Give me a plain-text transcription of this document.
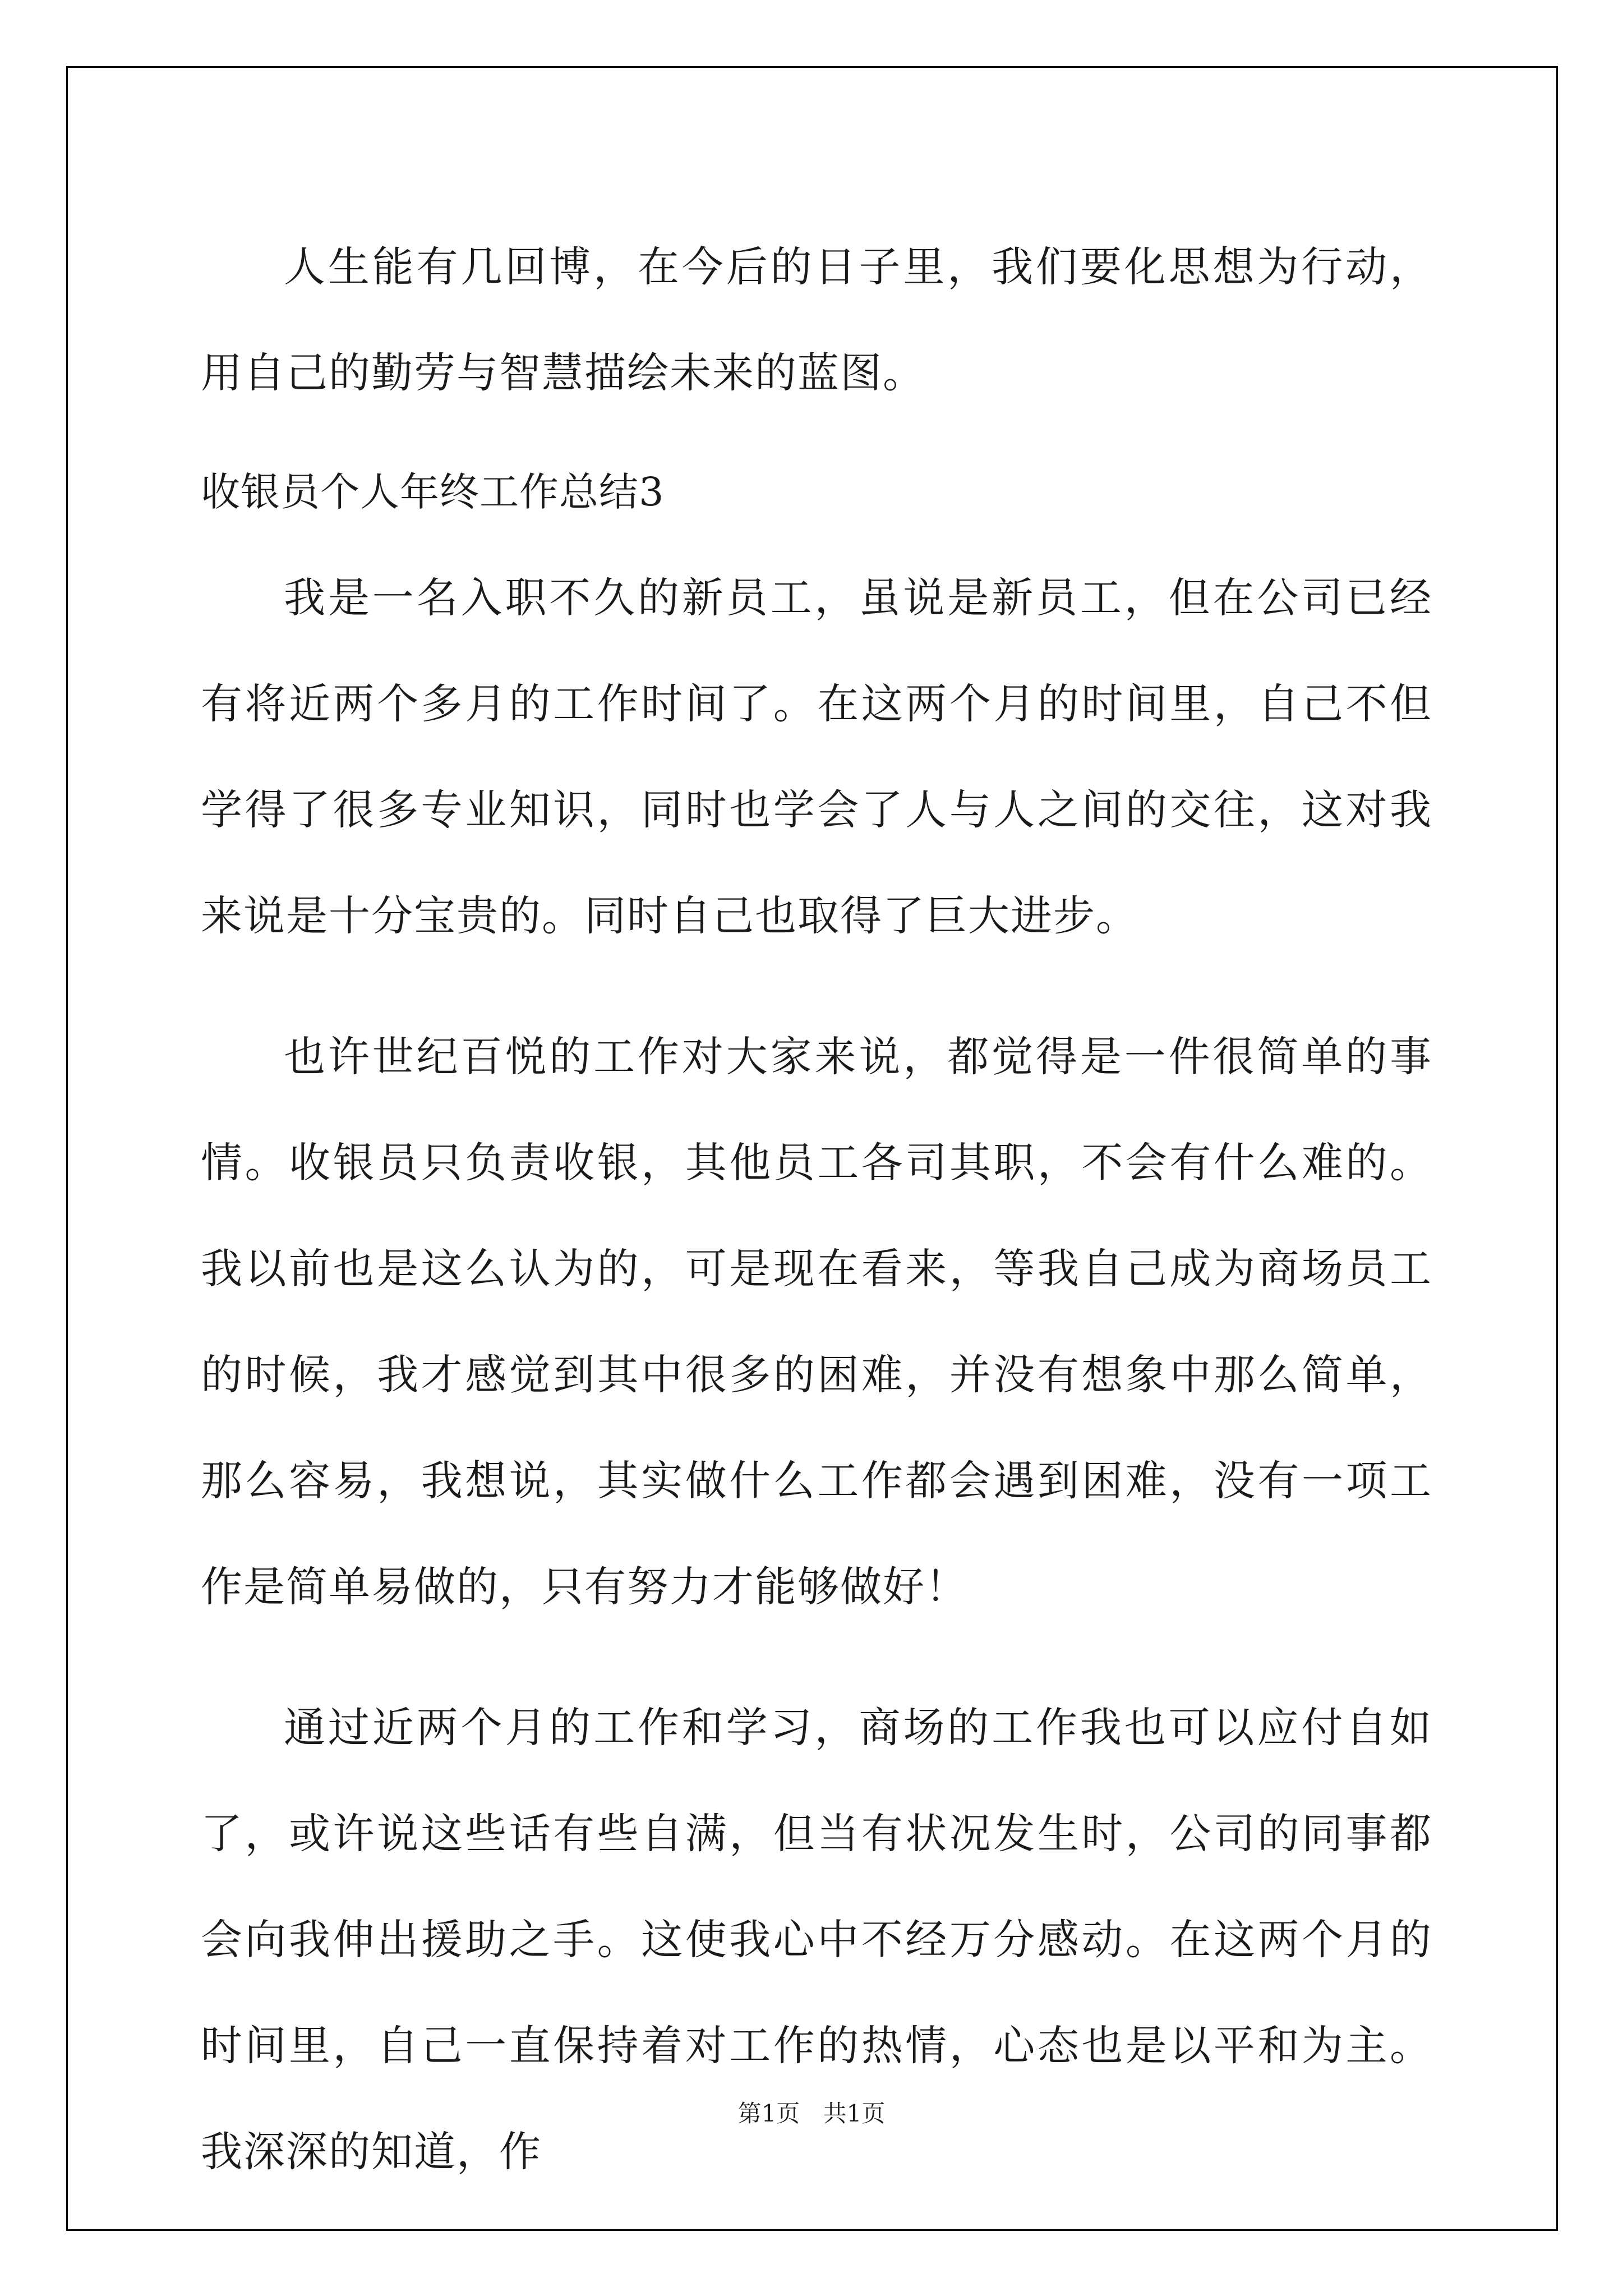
人生能有几回博，在今后的日子里，我们要化思想为行动，用自己的勤劳与智慧描绘未来的蓝图。

收银员个人年终工作总结3

我是一名入职不久的新员工，虽说是新员工，但在公司已经有将近两个多月的工作时间了。在这两个月的时间里，自己不但学得了很多专业知识，同时也学会了人与人之间的交往，这对我来说是十分宝贵的。同时自己也取得了巨大进步。

也许世纪百悦的工作对大家来说，都觉得是一件很简单的事情。收银员只负责收银，其他员工各司其职，不会有什么难的。我以前也是这么认为的，可是现在看来，等我自己成为商场员工的时候，我才感觉到其中很多的困难，并没有想象中那么简单，那么容易，我想说，其实做什么工作都会遇到困难，没有一项工作是简单易做的，只有努力才能够做好！

通过近两个月的工作和学习，商场的工作我也可以应付自如了，或许说这些话有些自满，但当有状况发生时，公司的同事都会向我伸出援助之手。这使我心中不经万分感动。在这两个月的时间里，自己一直保持着对工作的热情，心态也是以平和为主。我深深的知道，作

第1页 共1页
